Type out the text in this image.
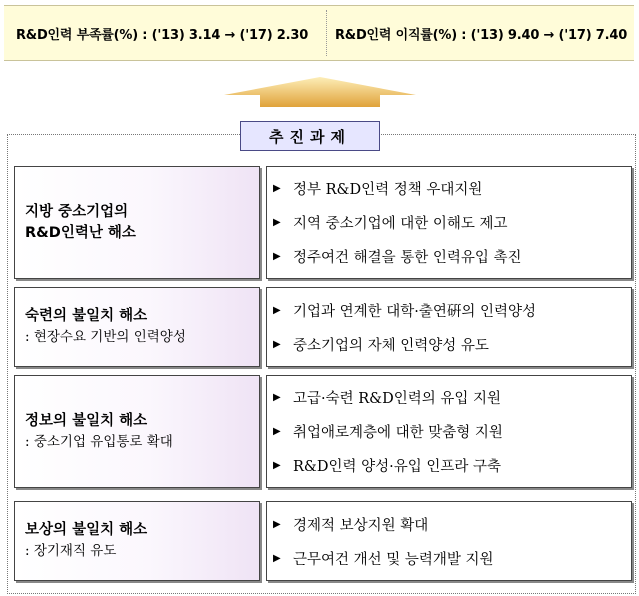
R&D인력 부족률(%) : ('13) 3.14 → ('17) 2.30	R&D인력 이직률(%) : ('13) 9.40 → ('17) 7.40
추진과제
지방 중소기업의
R&D인력난 해소
▶ 정부 R&D인력 정책 우대지원
▶ 지역 중소기업에 대한 이해도 제고
▶ 정주여건 해결을 통한 인력유입 촉진
숙련의 불일치 해소
: 현장수요 기반의 인력양성
▶ 기업과 연계한 대학·출연硏의 인력양성
▶ 중소기업의 자체 인력양성 유도
정보의 불일치 해소
: 중소기업 유입통로 확대
▶ 고급·숙련 R&D인력의 유입 지원
▶ 취업애로계층에 대한 맞춤형 지원
▶ R&D인력 양성·유입 인프라 구축
보상의 불일치 해소
: 장기재직 유도
▶ 경제적 보상지원 확대
▶ 근무여건 개선 및 능력개발 지원
